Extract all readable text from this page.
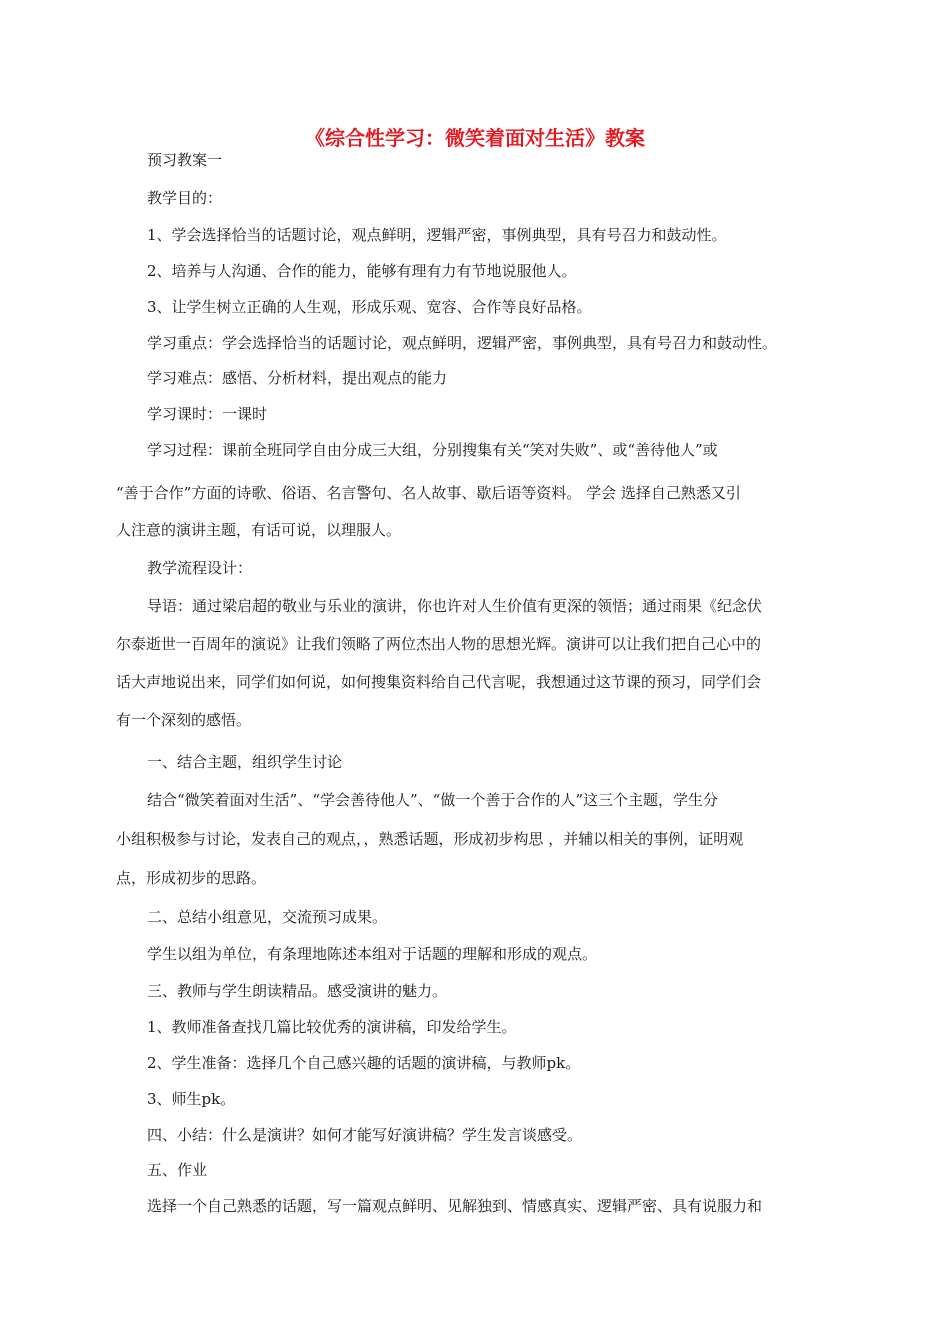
《综合性学习：微笑着面对生活》教案
预习教案一
教学目的：
1、学会选择恰当的话题讨论，观点鲜明，逻辑严密，事例典型，具有号召力和鼓动性。
2、培养与人沟通、合作的能力，能够有理有力有节地说服他人。
3、让学生树立正确的人生观，形成乐观、宽容、合作等良好品格。
学习重点：学会选择恰当的话题讨论，观点鲜明，逻辑严密，事例典型，具有号召力和鼓动性。
学习难点：感悟、分析材料，提出观点的能力
学习课时：一课时
学习过程：课前全班同学自由分成三大组，分别搜集有关“笑对失败”、或“善待他人”或
“善于合作”方面的诗歌、俗语、名言警句、名人故事、歇后语等资料。 学会 选择自己熟悉又引
人注意的演讲主题，有话可说，以理服人。
教学流程设计：
导语：通过梁启超的敬业与乐业的演讲，你也许对人生价值有更深的领悟；通过雨果《纪念伏
尔泰逝世一百周年的演说》让我们领略了两位杰出人物的思想光辉。演讲可以让我们把自己心中的
话大声地说出来，同学们如何说，如何搜集资料给自己代言呢，我想通过这节课的预习，同学们会
有一个深刻的感悟。
一、结合主题，组织学生讨论
结合“微笑着面对生活”、“学会善待他人”、“做一个善于合作的人”这三个主题，学生分
小组积极参与讨论，发表自己的观点，，熟悉话题，形成初步构思 ，并辅以相关的事例，证明观
点，形成初步的思路。
二、总结小组意见，交流预习成果。
学生以组为单位，有条理地陈述本组对于话题的理解和形成的观点。
三、教师与学生朗读精品。感受演讲的魅力。
1、教师准备查找几篇比较优秀的演讲稿，印发给学生。
2、学生准备：选择几个自己感兴趣的话题的演讲稿，与教师pk。
3、师生pk。
四、小结：什么是演讲？如何才能写好演讲稿？学生发言谈感受。
五、作业
选择一个自己熟悉的话题，写一篇观点鲜明、见解独到、情感真实、逻辑严密、具有说服力和
